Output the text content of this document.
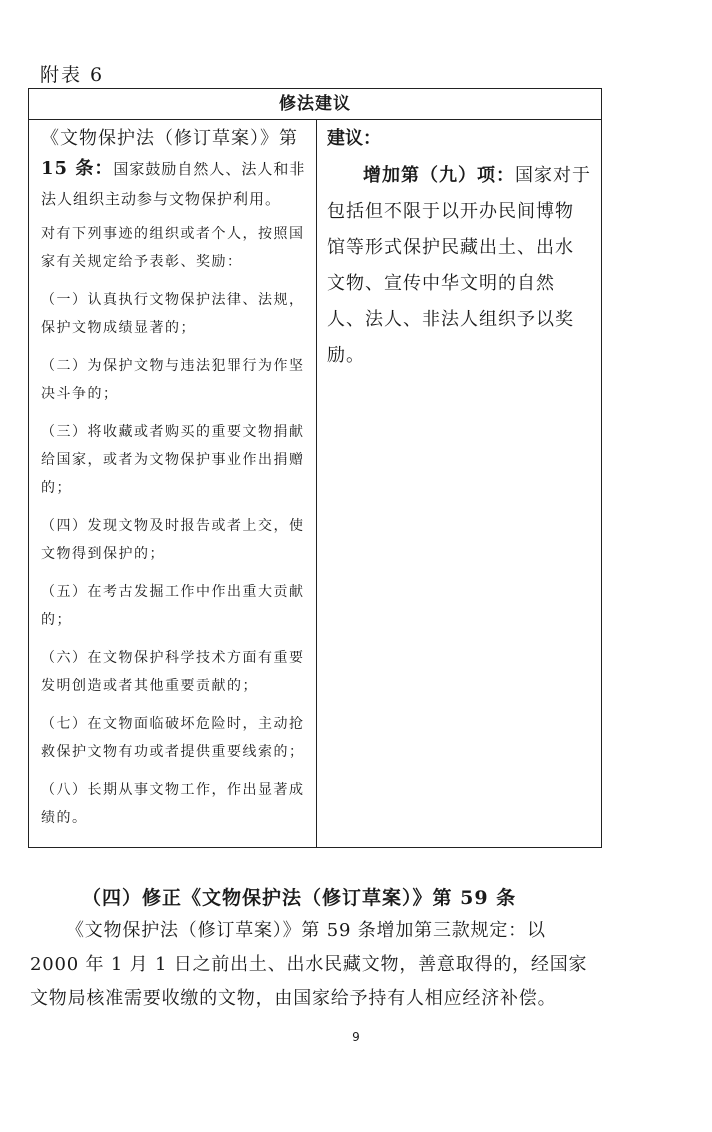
附表 6
修法建议

《文物保护法（修订草案）》第15 条：国家鼓励自然人、法人和非法人组织主动参与文物保护利用。

对有下列事迹的组织或者个人，按照国家有关规定给予表彰、奖励：

（一）认真执行文物保护法律、法规，保护文物成绩显著的；

（二）为保护文物与违法犯罪行为作坚决斗争的；

（三）将收藏或者购买的重要文物捐献给国家，或者为文物保护事业作出捐赠的；

（四）发现文物及时报告或者上交，使文物得到保护的；

（五）在考古发掘工作中作出重大贡献的；

（六）在文物保护科学技术方面有重要发明创造或者其他重要贡献的；

（七）在文物面临破坏危险时，主动抢救保护文物有功或者提供重要线索的；

（八）长期从事文物工作，作出显著成绩的。

建议：

增加第（九）项：国家对于包括但不限于以开办民间博物馆等形式保护民藏出土、出水文物、宣传中华文明的自然人、法人、非法人组织予以奖励。

（四）修正《文物保护法（修订草案）》第 59 条

《文物保护法（修订草案）》第 59 条增加第三款规定：以 2000 年 1 月 1 日之前出土、出水民藏文物，善意取得的，经国家文物局核准需要收缴的文物，由国家给予持有人相应经济补偿。

9
